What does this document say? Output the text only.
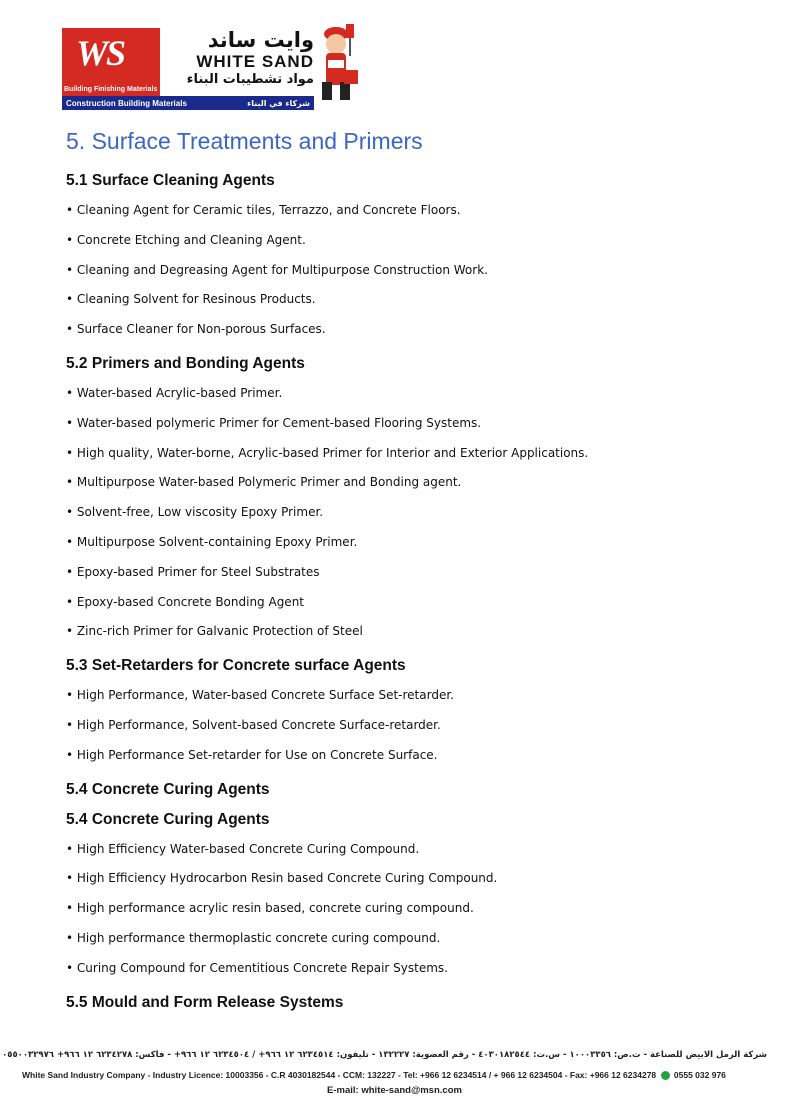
WS
Building Finishing Materials
وايت ساند
WHITE SAND
مواد تشطيبات البناء
Construction Building Materials	شركاء في البناء
5. Surface Treatments and Primers
5.1 Surface Cleaning Agents
• Cleaning Agent for Ceramic tiles, Terrazzo, and Concrete Floors.
• Concrete Etching and Cleaning Agent.
• Cleaning and Degreasing Agent for Multipurpose Construction Work.
• Cleaning Solvent for Resinous Products.
• Surface Cleaner for Non-porous Surfaces.
5.2 Primers and Bonding Agents
• Water-based Acrylic-based Primer.
• Water-based polymeric Primer for Cement-based Flooring Systems.
• High quality, Water-borne, Acrylic-based Primer for Interior and Exterior Applications.
• Multipurpose Water-based Polymeric Primer and Bonding agent.
• Solvent-free, Low viscosity Epoxy Primer.
• Multipurpose Solvent-containing Epoxy Primer.
• Epoxy-based Primer for Steel Substrates
• Epoxy-based Concrete Bonding Agent
• Zinc-rich Primer for Galvanic Protection of Steel
5.3 Set-Retarders for Concrete surface Agents
• High Performance, Water-based Concrete Surface Set-retarder.
• High Performance, Solvent-based Concrete Surface-retarder.
• High Performance Set-retarder for Use on Concrete Surface.
5.4 Concrete Curing Agents
5.4 Concrete Curing Agents
• High Efficiency Water-based Concrete Curing Compound.
• High Efficiency Hydrocarbon Resin based Concrete Curing Compound.
• High performance acrylic resin based, concrete curing compound.
• High performance thermoplastic concrete curing compound.
• Curing Compound for Cementitious Concrete Repair Systems.
5.5 Mould and Form Release Systems
شركة الرمل الابيض للصناعة - ت.ص: ١٠٠٠٣٣٥٦ - س.ت: ٤٠٣٠١٨٢٥٤٤ - رقم العضوية: ١٣٢٢٢٧ - تليفون: ٦٢٣٤٥١٤ ١٢ ٩٦٦+ / ٦٢٣٤٥٠٤ ١٢ ٩٦٦+ - فاكس: ٦٢٣٤٢٧٨ ١٢ ٩٦٦+ ٠٥٥٠٠٣٢٩٧٦
White Sand Industry Company - Industry Licence: 10003356 - C.R 4030182544 - CCM: 132227 - Tel: +966 12 6234514 / + 966 12 6234504 - Fax: +966 12 6234278 0555 032 976
E-mail: white-sand@msn.com
